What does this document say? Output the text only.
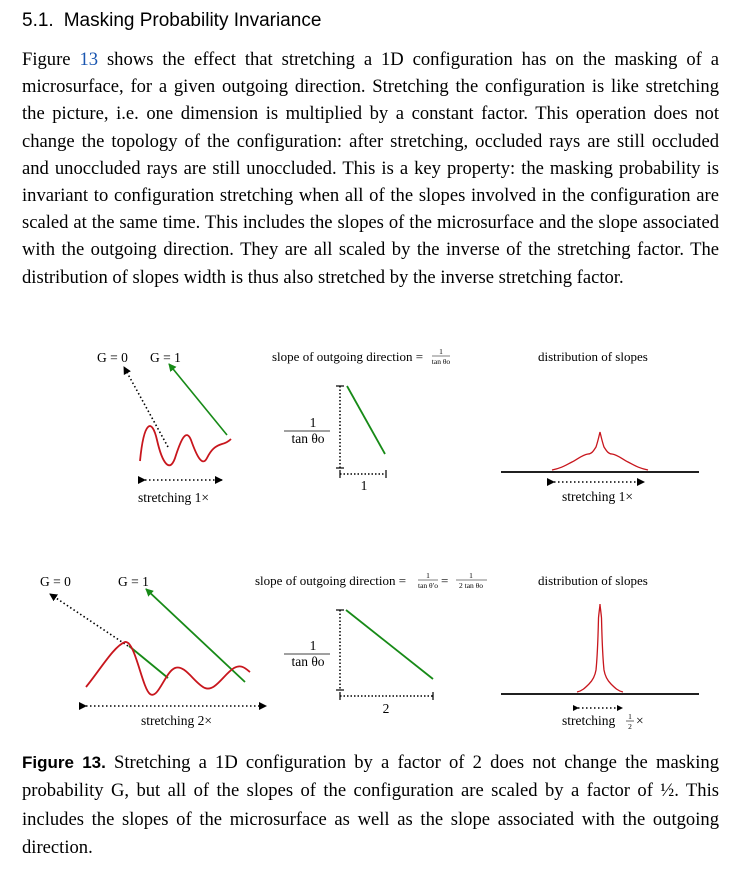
5.1. Masking Probability Invariance
Figure 13 shows the effect that stretching a 1D configuration has on the masking of a microsurface, for a given outgoing direction. Stretching the configuration is like stretching the picture, i.e. one dimension is multiplied by a constant factor. This operation does not change the topology of the configuration: after stretching, occluded rays are still occluded and unoccluded rays are still unoccluded. This is a key property: the masking probability is invariant to configuration stretching when all of the slopes involved in the configuration are scaled at the same time. This includes the slopes of the microsurface and the slope associated with the outgoing direction. They are all scaled by the inverse of the stretching factor. The distribution of slopes width is thus also stretched by the inverse stretching factor.
G = 0 G = 1
stretching 1×
slope of outgoing direction = 1
tan θo
1
tan θo
1
distribution of slopes
stretching 1×
G = 0	G = 1
stretching 2×
slope of outgoing direction =	1
tan θ′o =	1
2 tan θo
1
tan θo
2
distribution of slopes
stretching 1
2 ×
Figure 13. Stretching a 1D configuration by a factor of 2 does not change the masking probability G, but all of the slopes of the configuration are scaled by a factor of ½. This includes the slopes of the microsurface as well as the slope associated with the outgoing direction.
